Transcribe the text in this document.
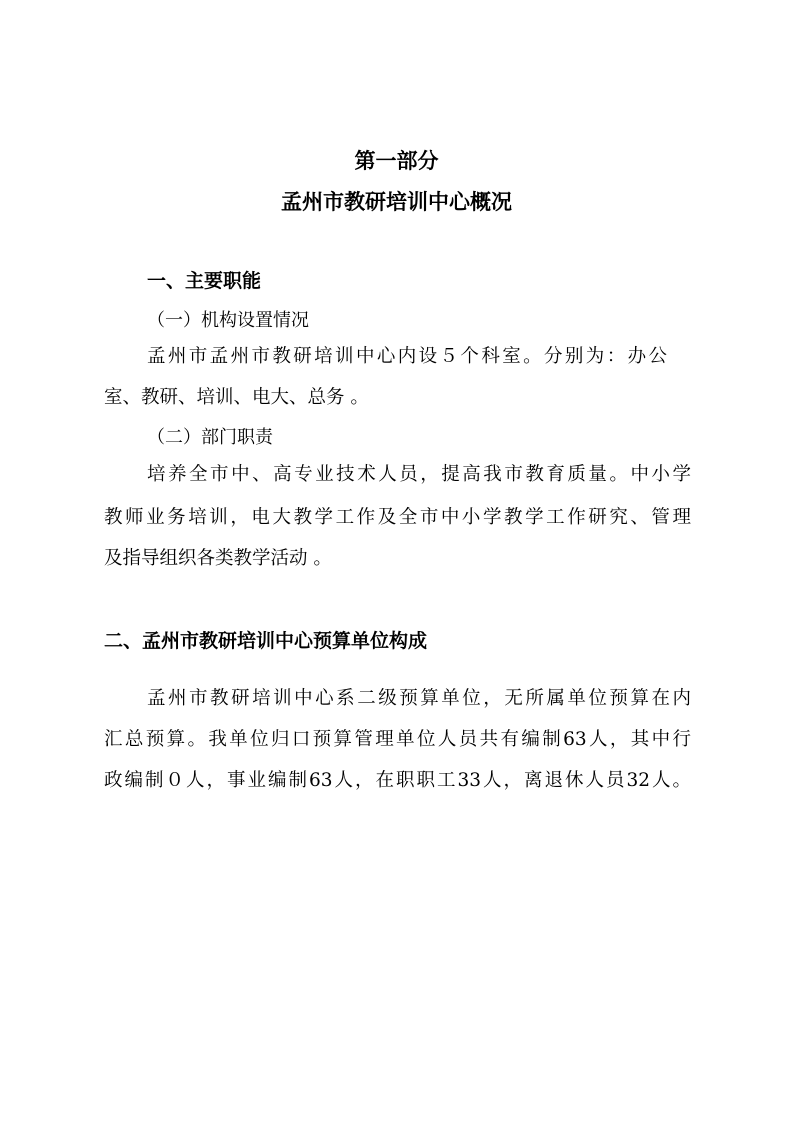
第一部分
孟州市教研培训中心概况
一、主要职能
（一）机构设置情况
孟州市孟州市教研培训中心内设５个科室。分别为：办公
室、教研、培训、电大、总务 。
（二）部门职责
培养全市中、高专业技术人员，提高我市教育质量。中小学
教师业务培训，电大教学工作及全市中小学教学工作研究、管理
及指导组织各类教学活动 。
二、孟州市教研培训中心预算单位构成
孟州市教研培训中心系二级预算单位，无所属单位预算在内
汇总预算。我单位归口预算管理单位人员共有编制63人，其中行
政编制０人，事业编制63人，在职职工33人，离退休人员32人。
